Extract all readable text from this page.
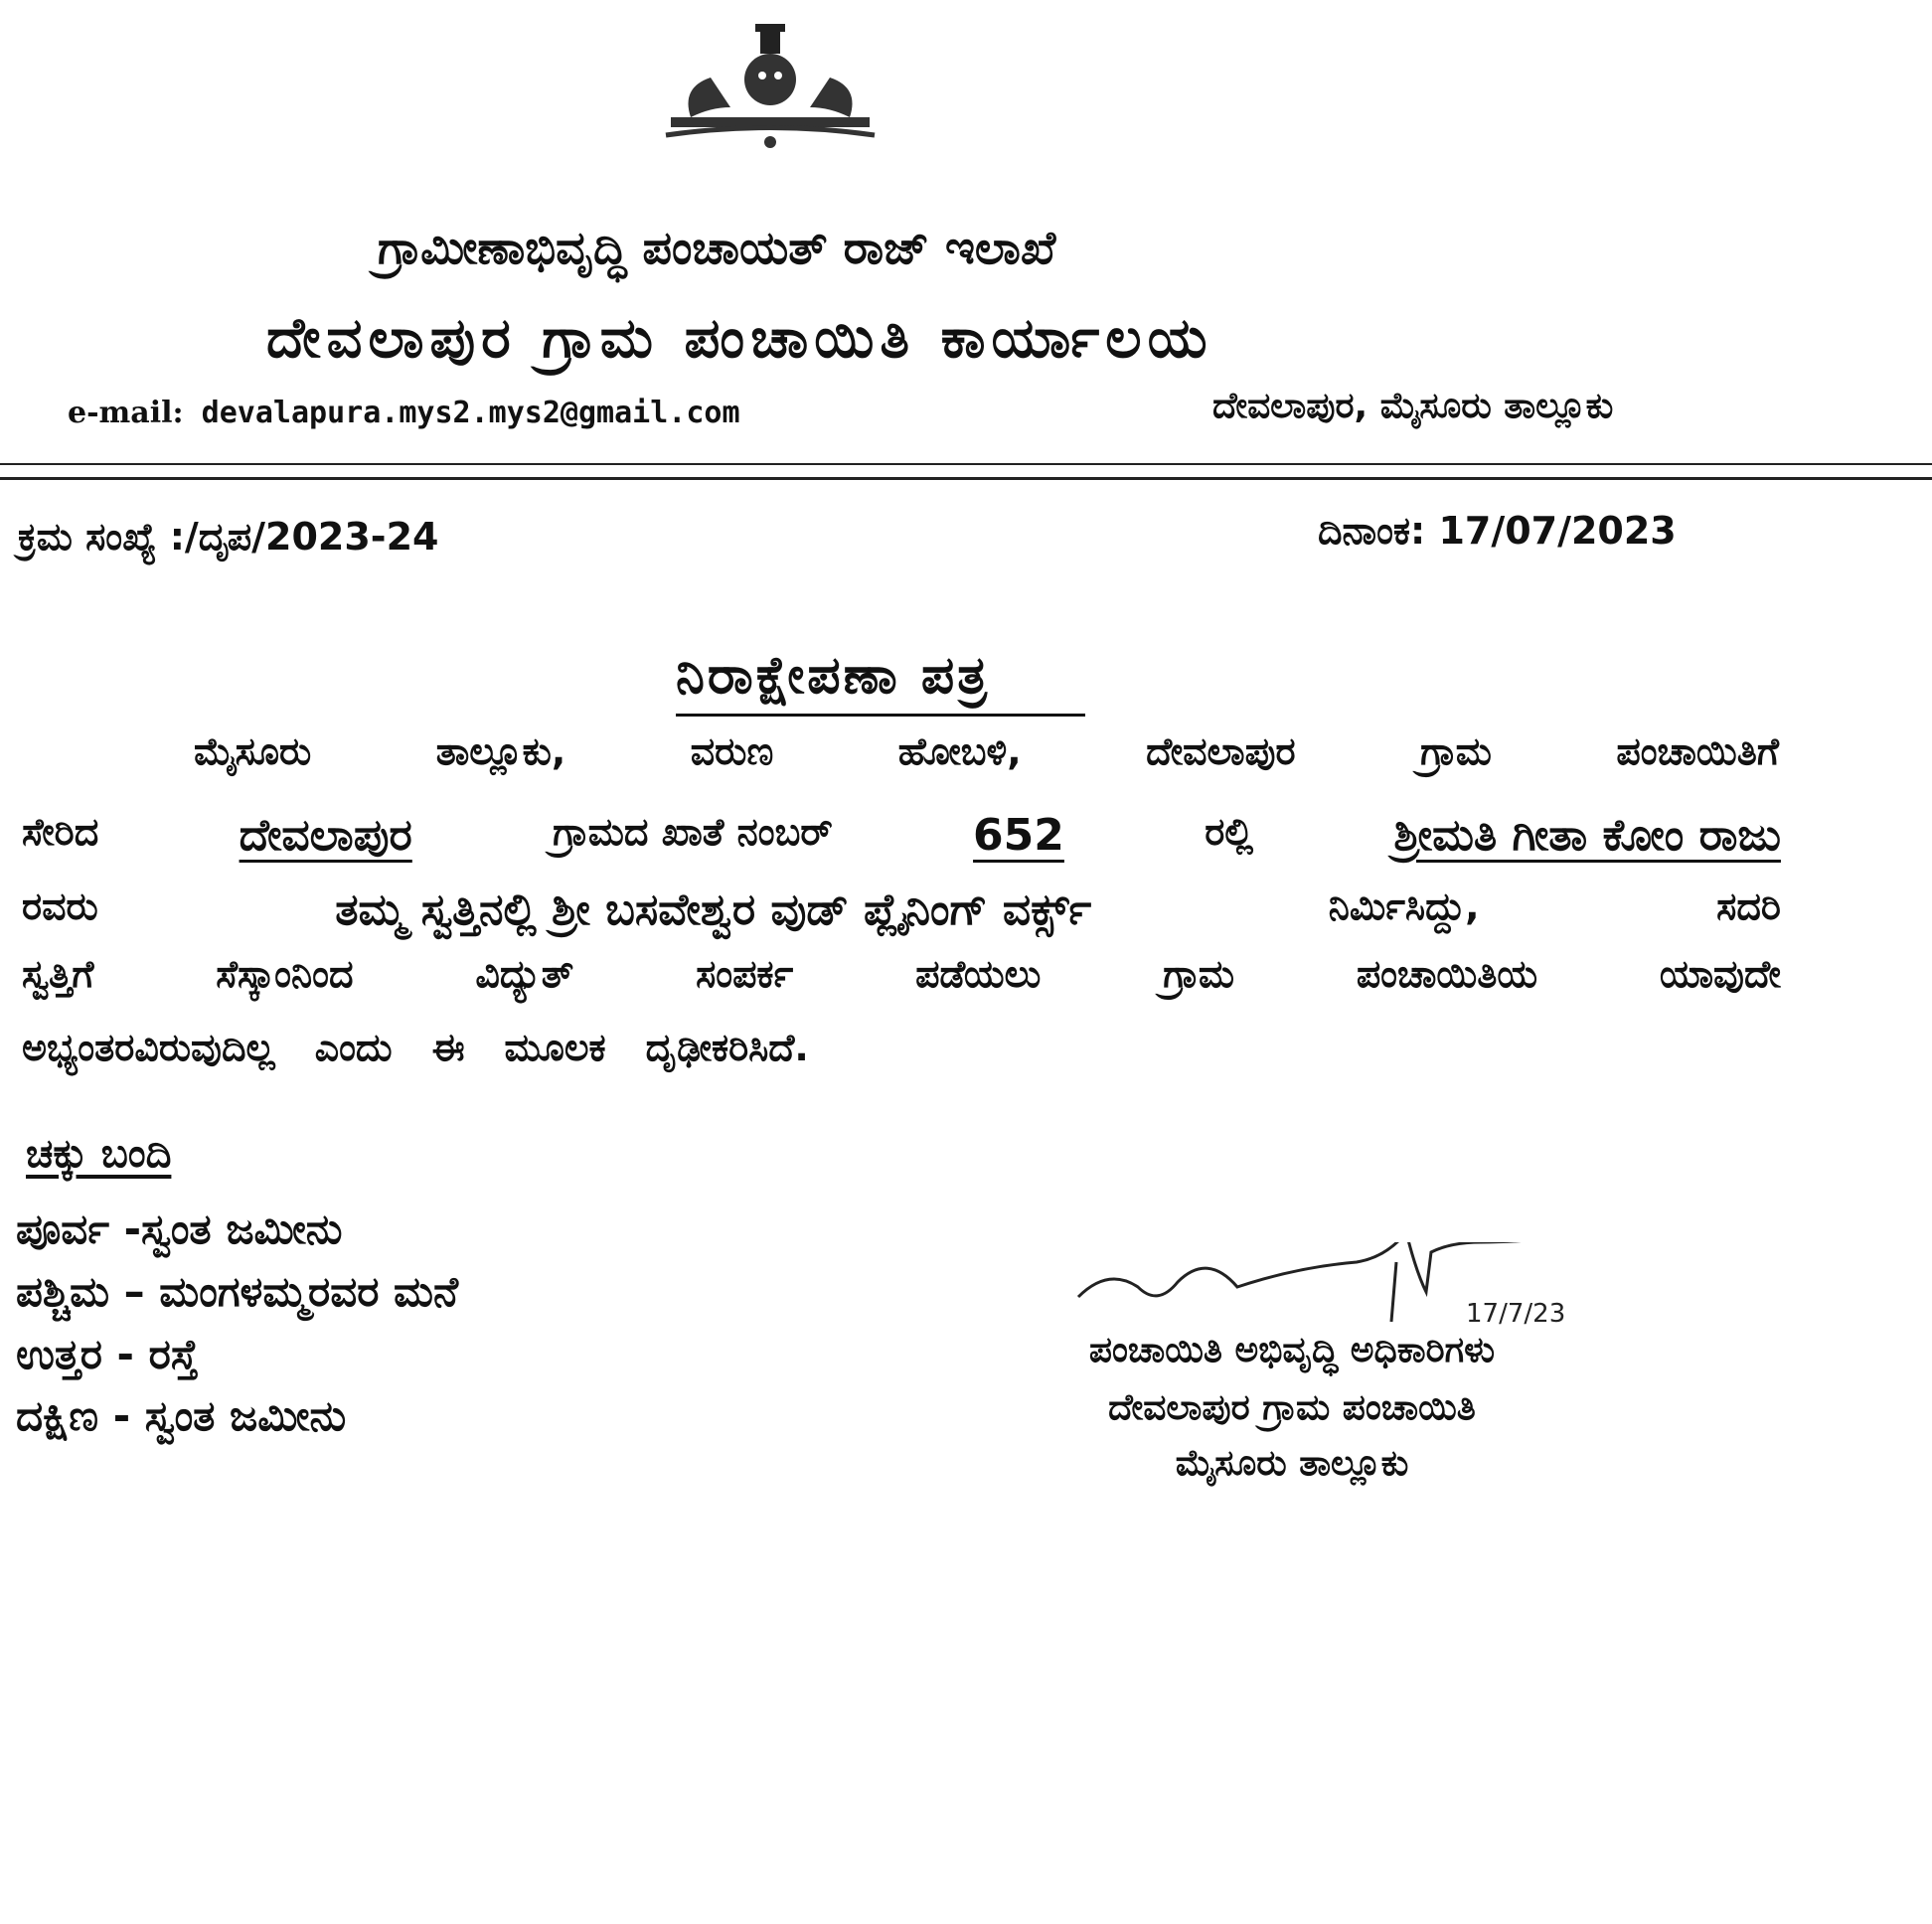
ಗ್ರಾಮೀಣಾಭಿವೃದ್ಧಿ ಪಂಚಾಯತ್ ರಾಜ್ ಇಲಾಖೆ
ದೇವಲಾಪುರ ಗ್ರಾಮ ಪಂಚಾಯಿತಿ ಕಾರ್ಯಾಲಯ
e-mail: devalapura.mys2.mys2@gmail.com	ದೇವಲಾಪುರ, ಮೈಸೂರು ತಾಲ್ಲೂಕು
ಕ್ರಮ ಸಂಖ್ಯೆ :/ದೃಪ/2023-24	ದಿನಾಂಕ: 17/07/2023
ನಿರಾಕ್ಷೇಪಣಾ ಪತ್ರ
ಮೈಸೂರು	ತಾಲ್ಲೂಕು,	ವರುಣ	ಹೋಬಳಿ,	ದೇವಲಾಪುರ	ಗ್ರಾಮ	ಪಂಚಾಯಿತಿಗೆ
ಸೇರಿದ	ದೇವಲಾಪುರ	ಗ್ರಾಮದ ಖಾತೆ ನಂಬರ್	652	ರಲ್ಲಿ	ಶ್ರೀಮತಿ ಗೀತಾ ಕೋಂ ರಾಜು
ರವರು	ತಮ್ಮ ಸ್ವತ್ತಿನಲ್ಲಿ ಶ್ರೀ ಬಸವೇಶ್ವರ ವುಡ್ ಪ್ಲೈನಿಂಗ್ ವರ್ಕ್ಸ್	ನಿರ್ಮಿಸಿದ್ದು,	ಸದರಿ
ಸ್ವತ್ತಿಗೆ	ಸೆಸ್ಕಾಂನಿಂದ	ವಿದ್ಯುತ್	ಸಂಪರ್ಕ	ಪಡೆಯಲು	ಗ್ರಾಮ	ಪಂಚಾಯಿತಿಯ	ಯಾವುದೇ
ಅಭ್ಯಂತರವಿರುವುದಿಲ್ಲ ಎಂದು ಈ ಮೂಲಕ ದೃಢೀಕರಿಸಿದೆ.
ಚಕ್ಕು ಬಂದಿ
ಪೂರ್ವ -ಸ್ವಂತ ಜಮೀನು
ಪಶ್ಚಿಮ – ಮಂಗಳಮ್ಮರವರ ಮನೆ
ಉತ್ತರ - ರಸ್ತೆ
ದಕ್ಷಿಣ - ಸ್ವಂತ ಜಮೀನು
17/7/23
ಪಂಚಾಯಿತಿ ಅಭಿವೃದ್ಧಿ ಅಧಿಕಾರಿಗಳು
ದೇವಲಾಪುರ ಗ್ರಾಮ ಪಂಚಾಯಿತಿ
ಮೈಸೂರು ತಾಲ್ಲೂಕು
